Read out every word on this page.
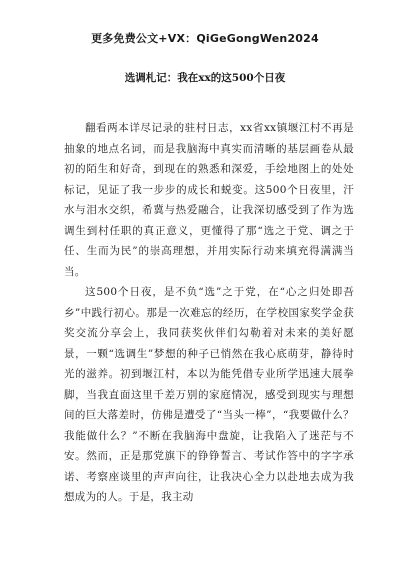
更多免费公文+VX：QiGeGongWen2024
选调札记：我在xx的这500个日夜

翻看两本详尽记录的驻村日志，xx省xx镇堰江村不再是抽象的地点名词，而是我脑海中真实而清晰的基层画卷从最初的陌生和好奇，到现在的熟悉和深爱，手绘地图上的处处标记，见证了我一步步的成长和蜕变。这500个日夜里，汗水与泪水交织，希冀与热爱融合，让我深切感受到了作为选调生到村任职的真正意义，更懂得了那“选之于党、调之于任、生而为民”的崇高理想，并用实际行动来填充得满满当当。

这500个日夜，是不负“选”之于党，在“心之归处即吾乡”中践行初心。那是一次难忘的经历，在学校国家奖学金获奖交流分享会上，我同获奖伙伴们勾勒着对未来的美好愿景，一颗“选调生”梦想的种子已悄然在我心底萌芽，静待时光的滋养。初到堰江村，本以为能凭借专业所学迅速大展拳脚，当我直面这里千差万别的家庭情况，感受到现实与理想间的巨大落差时，仿佛是遭受了“当头一棒”，“我要做什么？我能做什么？”不断在我脑海中盘旋，让我陷入了迷茫与不安。然而，正是那党旗下的铮铮誓言、考试作答中的字字承诺、考察座谈里的声声向往，让我决心全力以赴地去成为我想成为的人。于是，我主动
